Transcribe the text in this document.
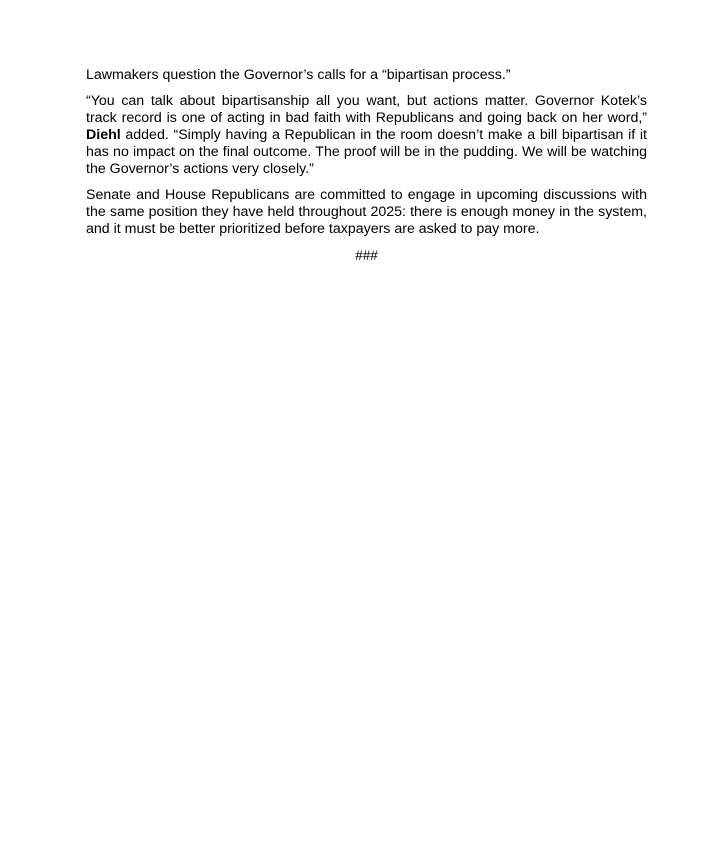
Lawmakers question the Governor’s calls for a “bipartisan process.”

“You can talk about bipartisanship all you want, but actions matter. Governor Kotek’s track record is one of acting in bad faith with Republicans and going back on her word,” Diehl added. “Simply having a Republican in the room doesn’t make a bill bipartisan if it has no impact on the final outcome. The proof will be in the pudding. We will be watching the Governor’s actions very closely.”

Senate and House Republicans are committed to engage in upcoming discussions with the same position they have held throughout 2025: there is enough money in the system, and it must be better prioritized before taxpayers are asked to pay more.

###
